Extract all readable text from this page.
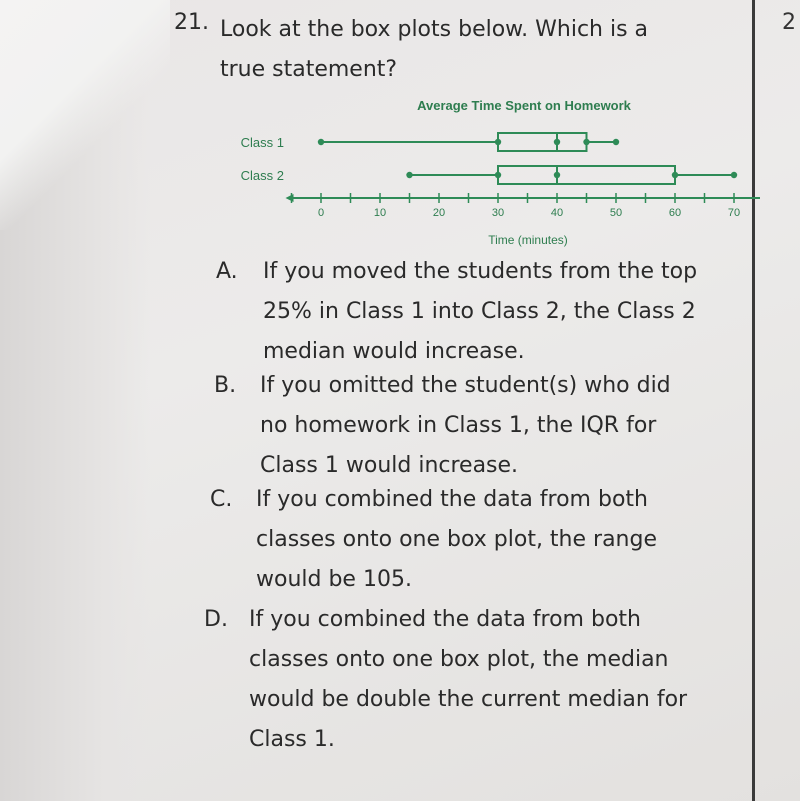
2
21. Look at the box plots below. Which is a
true statement?
Average Time Spent on Homework
Class 1
Class 2
0	10	20	30	40	50	60	70
Time (minutes)
A. If you moved the students from the top
25% in Class 1 into Class 2, the Class 2
median would increase.
B. If you omitted the student(s) who did
no homework in Class 1, the IQR for
Class 1 would increase.
C. If you combined the data from both
classes onto one box plot, the range
would be 105.
D. If you combined the data from both
classes onto one box plot, the median
would be double the current median for
Class 1.
